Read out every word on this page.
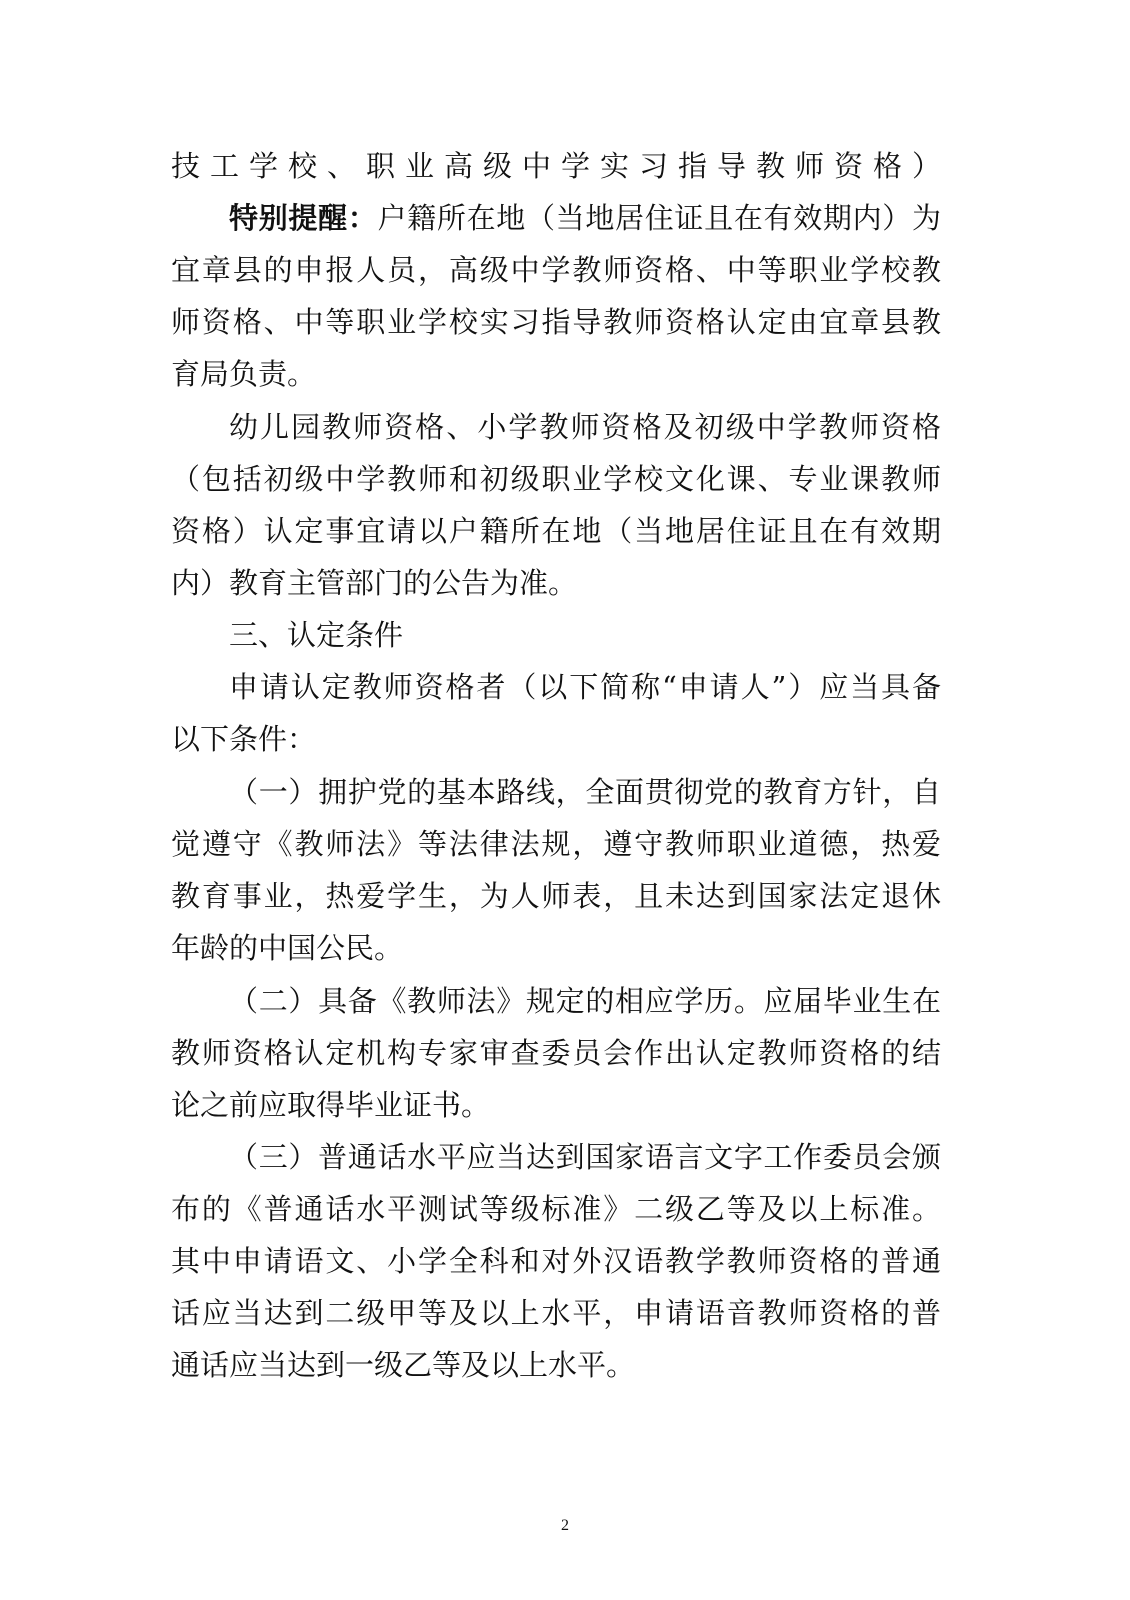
技工学校、职业高级中学实习指导教师资格）
特别提醒：户籍所在地（当地居住证且在有效期内）为
宜章县的申报人员，高级中学教师资格、中等职业学校教
师资格、中等职业学校实习指导教师资格认定由宜章县教
育局负责。
幼儿园教师资格、小学教师资格及初级中学教师资格
（包括初级中学教师和初级职业学校文化课、专业课教师
资格）认定事宜请以户籍所在地（当地居住证且在有效期
内）教育主管部门的公告为准。
三、认定条件
申请认定教师资格者（以下简称“申请人”）应当具备
以下条件：
（一）拥护党的基本路线，全面贯彻党的教育方针，自
觉遵守《教师法》等法律法规，遵守教师职业道德，热爱
教育事业，热爱学生，为人师表，且未达到国家法定退休
年龄的中国公民。
（二）具备《教师法》规定的相应学历。应届毕业生在
教师资格认定机构专家审查委员会作出认定教师资格的结
论之前应取得毕业证书。
（三）普通话水平应当达到国家语言文字工作委员会颁
布的《普通话水平测试等级标准》二级乙等及以上标准。
其中申请语文、小学全科和对外汉语教学教师资格的普通
话应当达到二级甲等及以上水平，申请语音教师资格的普
通话应当达到一级乙等及以上水平。
2
